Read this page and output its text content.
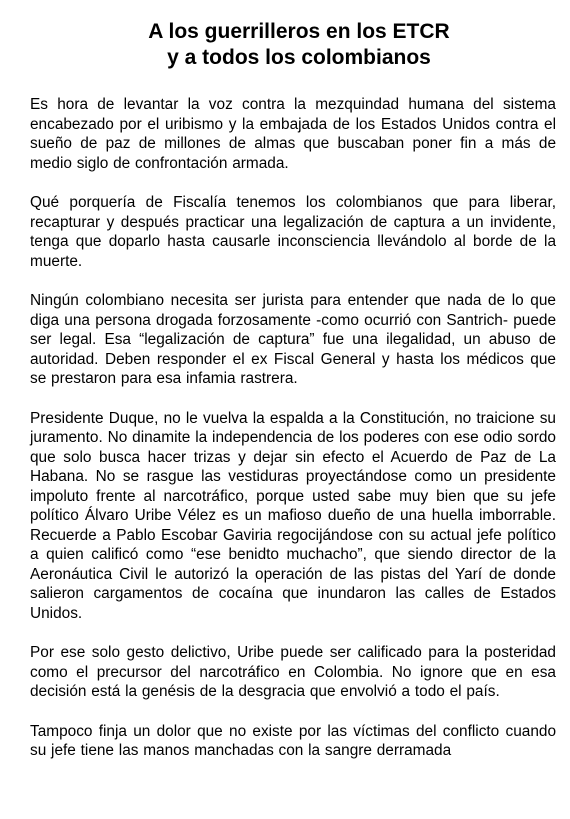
A los guerrilleros en los ETCR
y a todos los colombianos

Es hora de levantar la voz contra la mezquindad humana del sistema encabezado por el uribismo y la embajada de los Estados Unidos contra el sueño de paz de millones de almas que buscaban poner fin a más de medio siglo de confrontación armada.

Qué porquería de Fiscalía tenemos los colombianos que para liberar, recapturar y después practicar una legalización de captura a un invidente, tenga que doparlo hasta causarle inconsciencia llevándolo al borde de la muerte.

Ningún colombiano necesita ser jurista para entender que nada de lo que diga una persona drogada forzosamente -como ocurrió con Santrich- puede ser legal. Esa “legalización de captura” fue una ilegalidad, un abuso de autoridad. Deben responder el ex Fiscal General y hasta los médicos que se prestaron para esa infamia rastrera.

Presidente Duque, no le vuelva la espalda a la Constitución, no traicione su juramento. No dinamite la independencia de los poderes con ese odio sordo que solo busca hacer trizas y dejar sin efecto el Acuerdo de Paz de La Habana. No se rasgue las vestiduras proyectándose como un presidente impoluto frente al narcotráfico, porque usted sabe muy bien que su jefe político Álvaro Uribe Vélez es un mafioso dueño de una huella imborrable. Recuerde a Pablo Escobar Gaviria regocijándose con su actual jefe político a quien calificó como “ese benidto muchacho”, que siendo director de la Aeronáutica Civil le autorizó la operación de las pistas del Yarí de donde salieron cargamentos de cocaína que inundaron las calles de Estados Unidos.

Por ese solo gesto delictivo, Uribe puede ser calificado para la posteridad como el precursor del narcotráfico en Colombia. No ignore que en esa decisión está la genésis de la desgracia que envolvió a todo el país.

Tampoco finja un dolor que no existe por las víctimas del conflicto cuando su jefe tiene las manos manchadas con la sangre derramada
